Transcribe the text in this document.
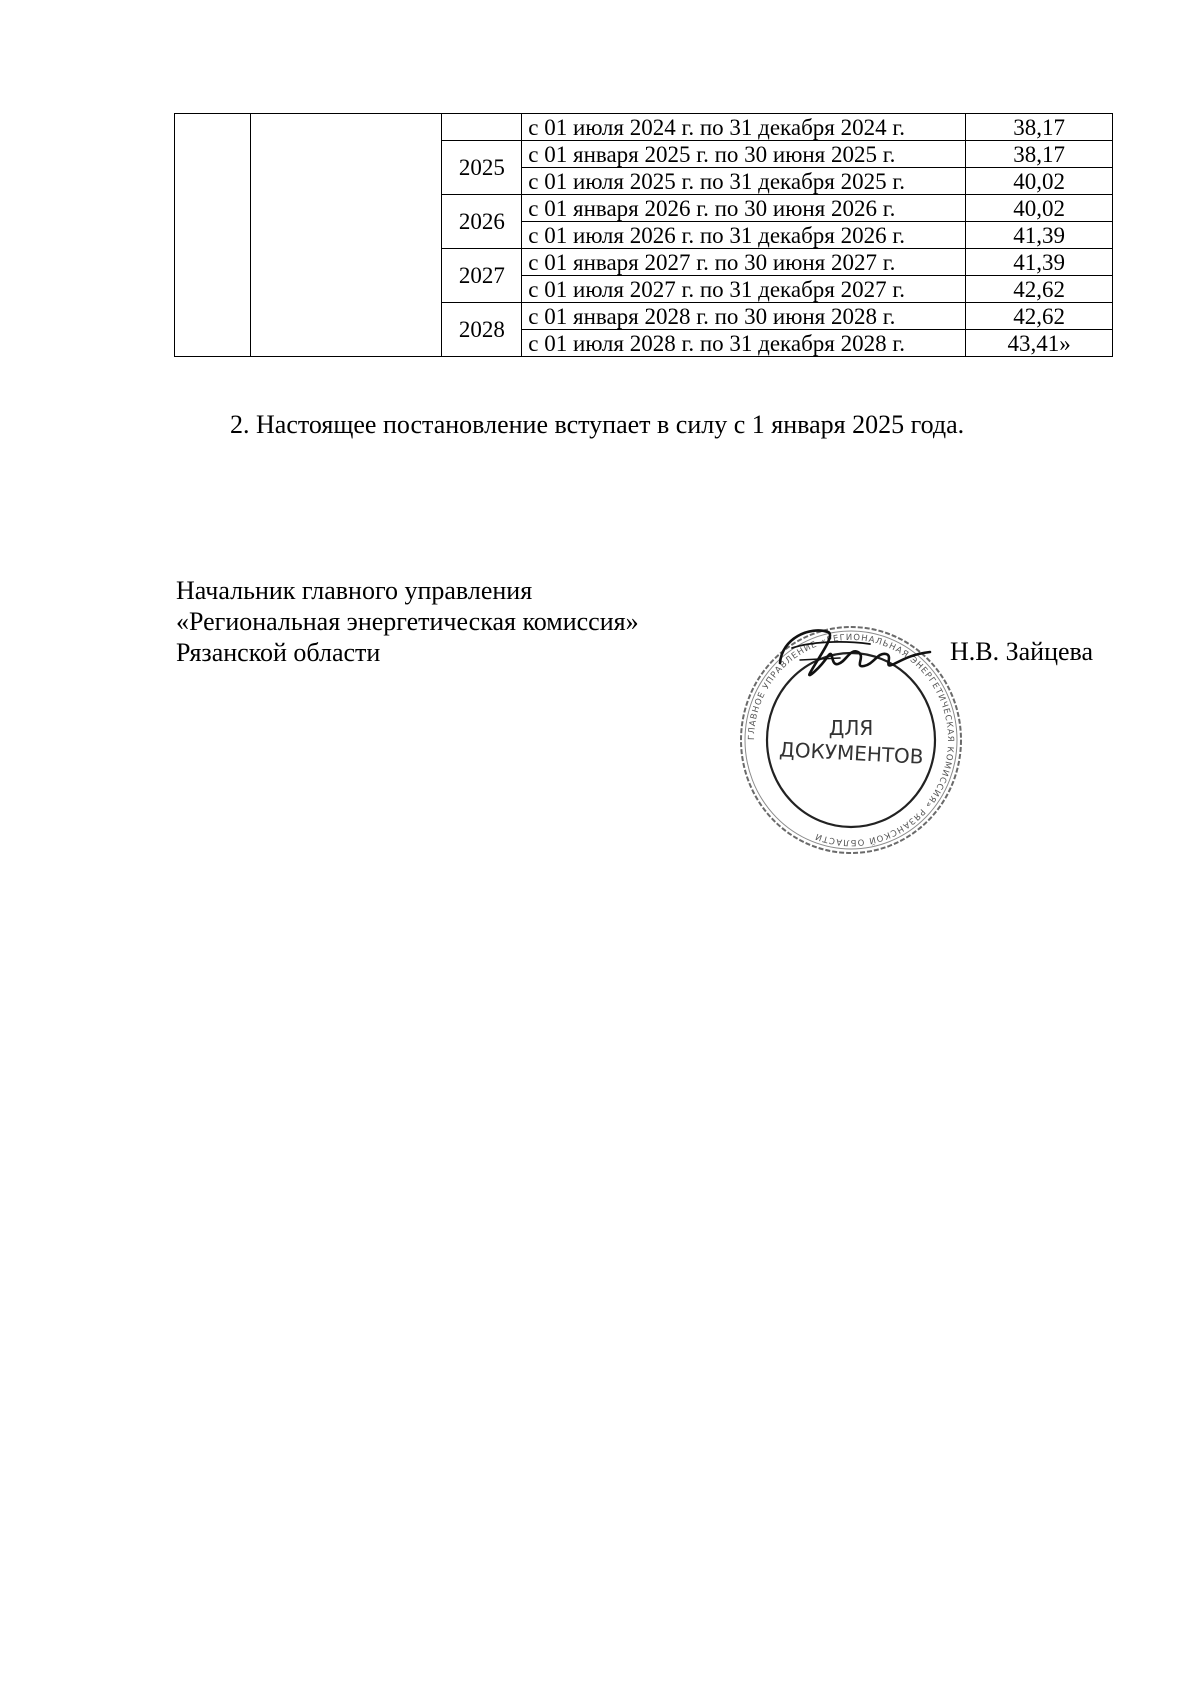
			с 01 июля 2024 г. по 31 декабря 2024 г.	38,17
		2025	с 01 января 2025 г. по 30 июня 2025 г.	38,17
			с 01 июля 2025 г. по 31 декабря 2025 г.	40,02
		2026	с 01 января 2026 г. по 30 июня 2026 г.	40,02
			с 01 июля 2026 г. по 31 декабря 2026 г.	41,39
		2027	с 01 января 2027 г. по 30 июня 2027 г.	41,39
			с 01 июля 2027 г. по 31 декабря 2027 г.	42,62
		2028	с 01 января 2028 г. по 30 июня 2028 г.	42,62
			с 01 июля 2028 г. по 31 декабря 2028 г.	43,41»
2. Настоящее постановление вступает в силу с 1 января 2025 года.
Начальник главного управления
«Региональная энергетическая комиссия»
Рязанской области
ГЛАВНОЕ УПРАВЛЕНИЕ «РЕГИОНАЛЬНАЯ ЭНЕРГЕТИЧЕСКАЯ КОМИССИЯ» РЯЗАНСКОЙ ОБЛАСТИ
ДЛЯ
ДОКУМЕНТОВ
Н.В. Зайцева
